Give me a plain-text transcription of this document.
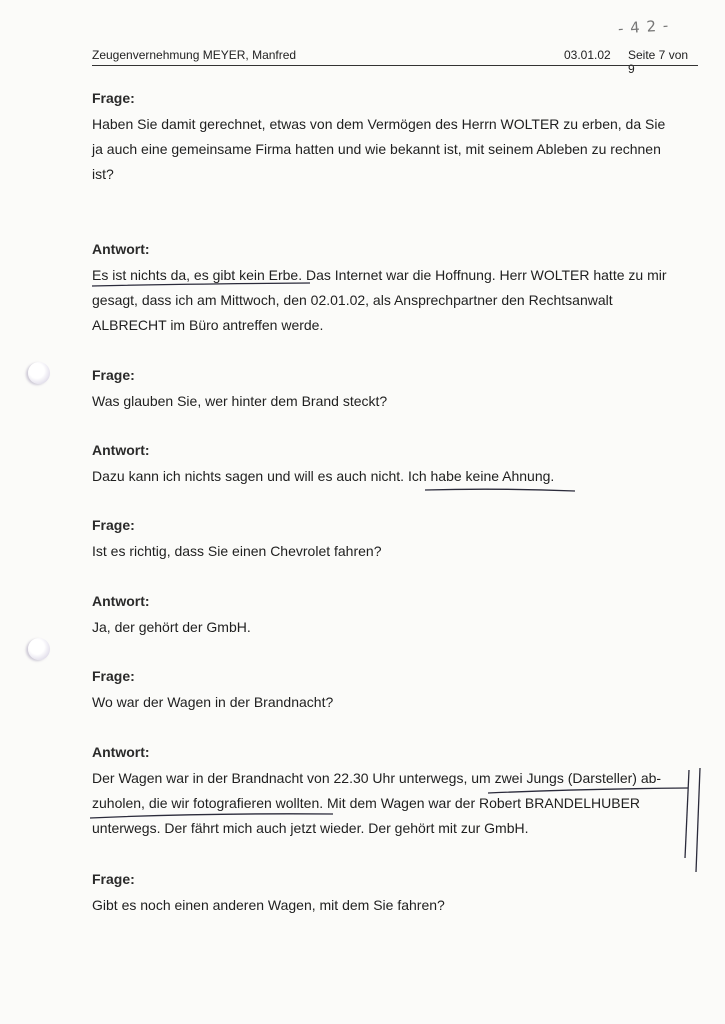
- 4 2 -
Zeugenvernehmung MEYER, Manfred	03.01.02 Seite 7 von 9
Frage:
Haben Sie damit gerechnet, etwas von dem Vermögen des Herrn WOLTER zu erben, da Sie
ja auch eine gemeinsame Firma hatten und wie bekannt ist, mit seinem Ableben zu rechnen
ist?
Antwort:
Es ist nichts da, es gibt kein Erbe. Das Internet war die Hoffnung. Herr WOLTER hatte zu mir
gesagt, dass ich am Mittwoch, den 02.01.02, als Ansprechpartner den Rechtsanwalt
ALBRECHT im Büro antreffen werde.
Frage:
Was glauben Sie, wer hinter dem Brand steckt?
Antwort:
Dazu kann ich nichts sagen und will es auch nicht. Ich habe keine Ahnung.
Frage:
Ist es richtig, dass Sie einen Chevrolet fahren?
Antwort:
Ja, der gehört der GmbH.
Frage:
Wo war der Wagen in der Brandnacht?
Antwort:
Der Wagen war in der Brandnacht von 22.30 Uhr unterwegs, um zwei Jungs (Darsteller) ab-
zuholen, die wir fotografieren wollten. Mit dem Wagen war der Robert BRANDELHUBER
unterwegs. Der fährt mich auch jetzt wieder. Der gehört mit zur GmbH.
Frage:
Gibt es noch einen anderen Wagen, mit dem Sie fahren?
